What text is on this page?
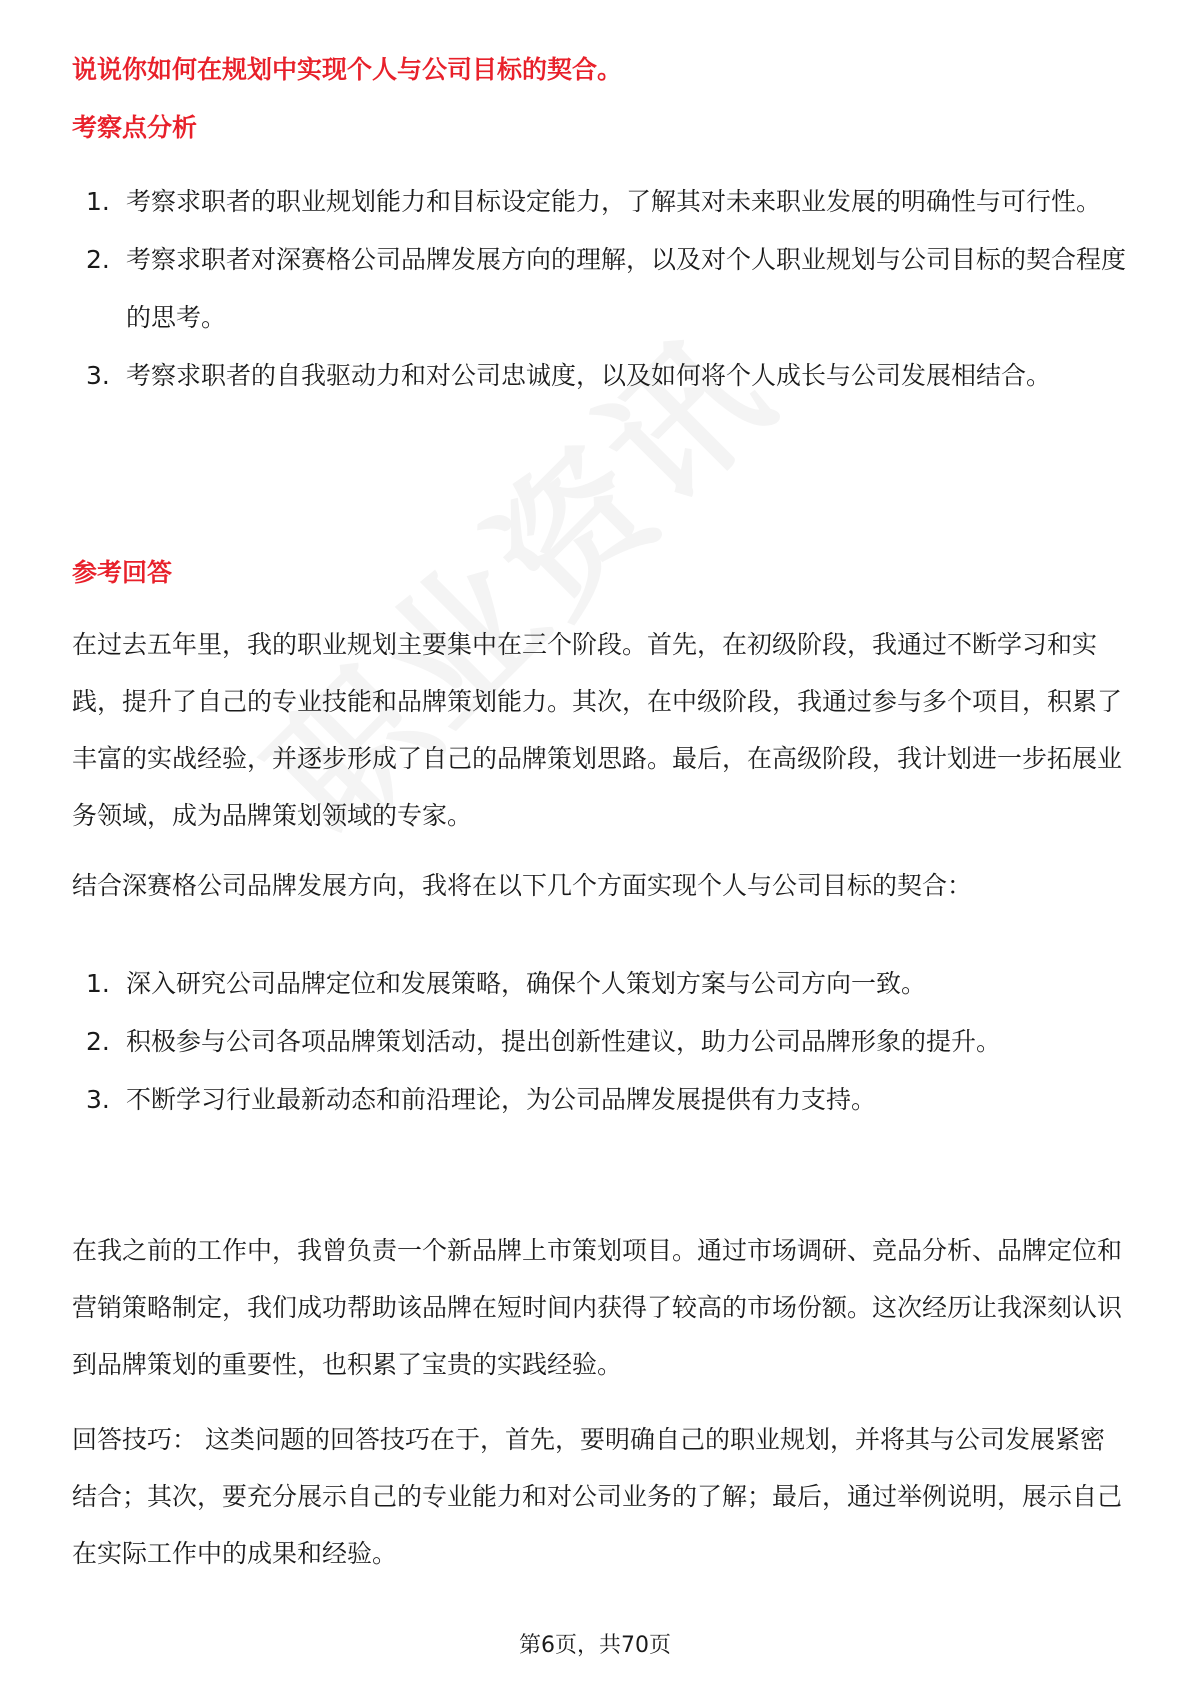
说说你如何在规划中实现个人与公司目标的契合。
考察点分析
1. 考察求职者的职业规划能力和目标设定能力，了解其对未来职业发展的明确性与可行性。
2. 考察求职者对深赛格公司品牌发展方向的理解，以及对个人职业规划与公司目标的契合程度的思考。
3. 考察求职者的自我驱动力和对公司忠诚度，以及如何将个人成长与公司发展相结合。
参考回答

在过去五年里，我的职业规划主要集中在三个阶段。首先，在初级阶段，我通过不断学习和实践，提升了自己的专业技能和品牌策划能力。其次，在中级阶段，我通过参与多个项目，积累了丰富的实战经验，并逐步形成了自己的品牌策划思路。最后，在高级阶段，我计划进一步拓展业务领域，成为品牌策划领域的专家。

结合深赛格公司品牌发展方向，我将在以下几个方面实现个人与公司目标的契合：

1. 深入研究公司品牌定位和发展策略，确保个人策划方案与公司方向一致。
2. 积极参与公司各项品牌策划活动，提出创新性建议，助力公司品牌形象的提升。
3. 不断学习行业最新动态和前沿理论，为公司品牌发展提供有力支持。

在我之前的工作中，我曾负责一个新品牌上市策划项目。通过市场调研、竞品分析、品牌定位和营销策略制定，我们成功帮助该品牌在短时间内获得了较高的市场份额。这次经历让我深刻认识到品牌策划的重要性，也积累了宝贵的实践经验。

回答技巧： 这类问题的回答技巧在于，首先，要明确自己的职业规划，并将其与公司发展紧密结合；其次，要充分展示自己的专业能力和对公司业务的了解；最后，通过举例说明，展示自己在实际工作中的成果和经验。

第6页，共70页
